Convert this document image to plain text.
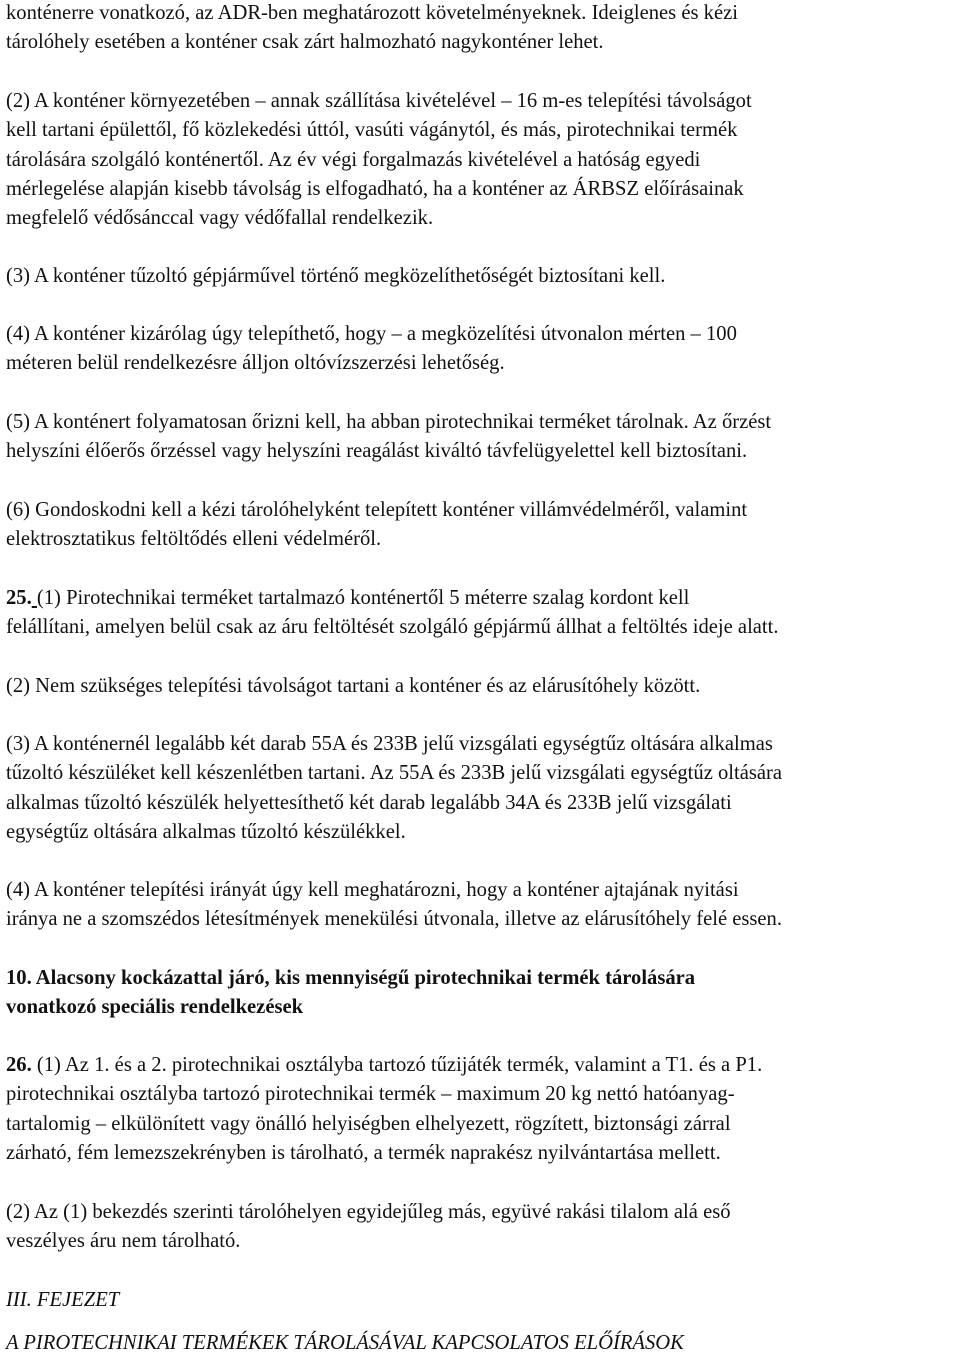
konténerre vonatkozó, az ADR-ben meghatározott követelményeknek. Ideiglenes és kézi
tárolóhely esetében a konténer csak zárt halmozható nagykonténer lehet.
(2) A konténer környezetében – annak szállítása kivételével – 16 m-es telepítési távolságot
kell tartani épülettől, fő közlekedési úttól, vasúti vágánytól, és más, pirotechnikai termék
tárolására szolgáló konténertől. Az év végi forgalmazás kivételével a hatóság egyedi
mérlegelése alapján kisebb távolság is elfogadható, ha a konténer az ÁRBSZ előírásainak
megfelelő védősánccal vagy védőfallal rendelkezik.
(3) A konténer tűzoltó gépjárművel történő megközelíthetőségét biztosítani kell.
(4) A konténer kizárólag úgy telepíthető, hogy – a megközelítési útvonalon mérten – 100
méteren belül rendelkezésre álljon oltóvízszerzési lehetőség.
(5) A konténert folyamatosan őrizni kell, ha abban pirotechnikai terméket tárolnak. Az őrzést
helyszíni élőerős őrzéssel vagy helyszíni reagálást kiváltó távfelügyelettel kell biztosítani.
(6) Gondoskodni kell a kézi tárolóhelyként telepített konténer villámvédelméről, valamint
elektrosztatikus feltöltődés elleni védelméről.
25. (1) Pirotechnikai terméket tartalmazó konténertől 5 méterre szalag kordont kell
felállítani, amelyen belül csak az áru feltöltését szolgáló gépjármű állhat a feltöltés ideje alatt.
(2) Nem szükséges telepítési távolságot tartani a konténer és az elárusítóhely között.
(3) A konténernél legalább két darab 55A és 233B jelű vizsgálati egységtűz oltására alkalmas
tűzoltó készüléket kell készenlétben tartani. Az 55A és 233B jelű vizsgálati egységtűz oltására
alkalmas tűzoltó készülék helyettesíthető két darab legalább 34A és 233B jelű vizsgálati
egységtűz oltására alkalmas tűzoltó készülékkel.
(4) A konténer telepítési irányát úgy kell meghatározni, hogy a konténer ajtajának nyitási
iránya ne a szomszédos létesítmények menekülési útvonala, illetve az elárusítóhely felé essen.
10. Alacsony kockázattal járó, kis mennyiségű pirotechnikai termék tárolására
vonatkozó speciális rendelkezések
26. (1) Az 1. és a 2. pirotechnikai osztályba tartozó tűzijáték termék, valamint a T1. és a P1.
pirotechnikai osztályba tartozó pirotechnikai termék – maximum 20 kg nettó hatóanyag-
tartalomig – elkülönített vagy önálló helyiségben elhelyezett, rögzített, biztonsági zárral
zárható, fém lemezszekrényben is tárolható, a termék naprakész nyilvántartása mellett.
(2) Az (1) bekezdés szerinti tárolóhelyen egyidejűleg más, együvé rakási tilalom alá eső
veszélyes áru nem tárolható.
III. FEJEZET
A PIROTECHNIKAI TERMÉKEK TÁROLÁSÁVAL KAPCSOLATOS ELŐÍRÁSOK
